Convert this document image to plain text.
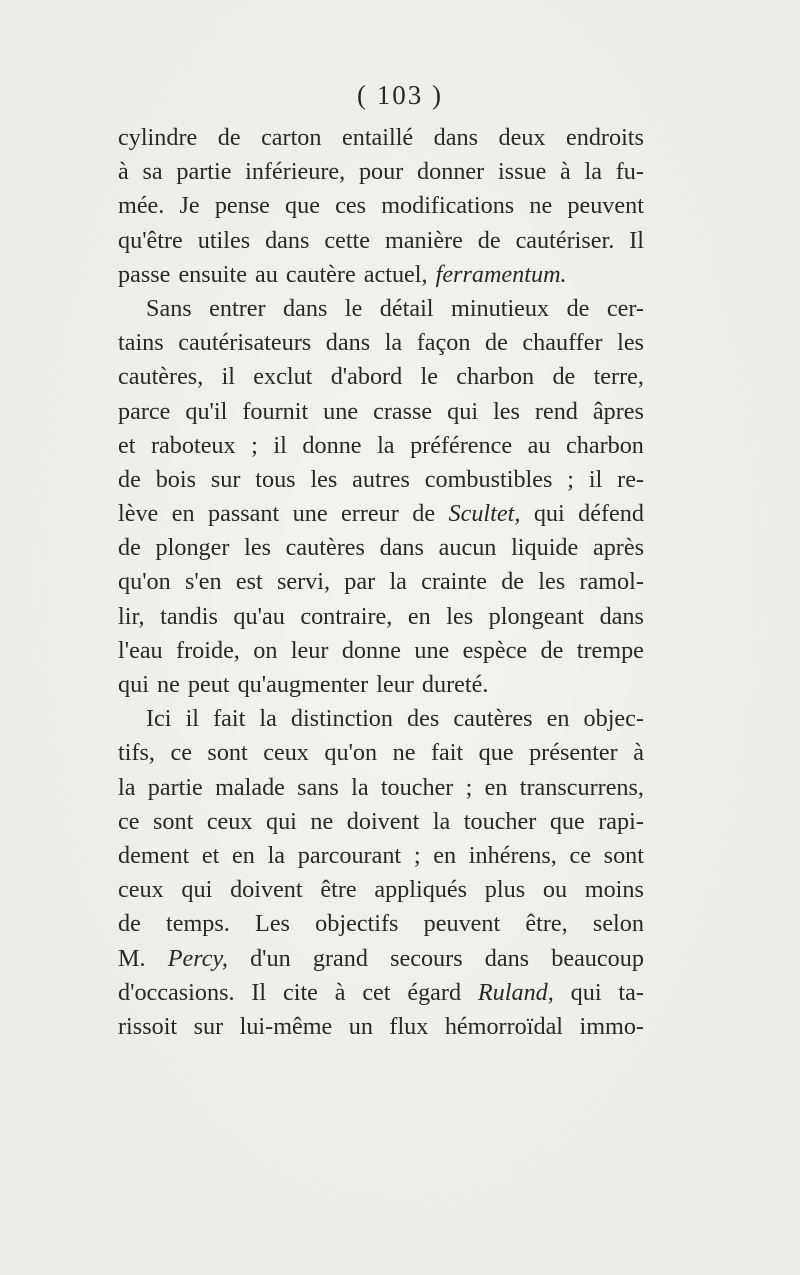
( 103 )
cylindre de carton entaillé dans deux endroits
à sa partie inférieure, pour donner issue à la fu-
mée. Je pense que ces modifications ne peuvent
qu'être utiles dans cette manière de cautériser. Il
passe
ensuite
au
cautère
actuel,
ferramentum.
Sans entrer dans le détail minutieux de cer-
tains cautérisateurs dans la façon de chauffer les
cautères, il exclut d'abord le charbon de terre,
parce qu'il fournit une crasse qui les rend âpres
et raboteux ; il donne la préférence au charbon
de bois sur tous les autres combustibles ; il re-
lève en passant une erreur de Scultet, qui défend
de plonger les cautères dans aucun liquide après
qu'on s'en est servi, par la crainte de les ramol-
lir, tandis qu'au contraire, en les plongeant dans
l'eau froide, on leur donne une espèce de trempe
qui
ne
peut
qu'augmenter
leur
dureté.
Ici il fait la distinction des cautères en objec-
tifs, ce sont ceux qu'on ne fait que présenter à
la partie malade sans la toucher ; en transcurrens,
ce sont ceux qui ne doivent la toucher que rapi-
dement et en la parcourant ; en inhérens, ce sont
ceux qui doivent être appliqués plus ou moins
de temps. Les objectifs peuvent être, selon
M. Percy, d'un grand secours dans beaucoup
d'occasions. Il cite à cet égard Ruland, qui ta-
rissoit sur lui-même un flux hémorroïdal immo-
